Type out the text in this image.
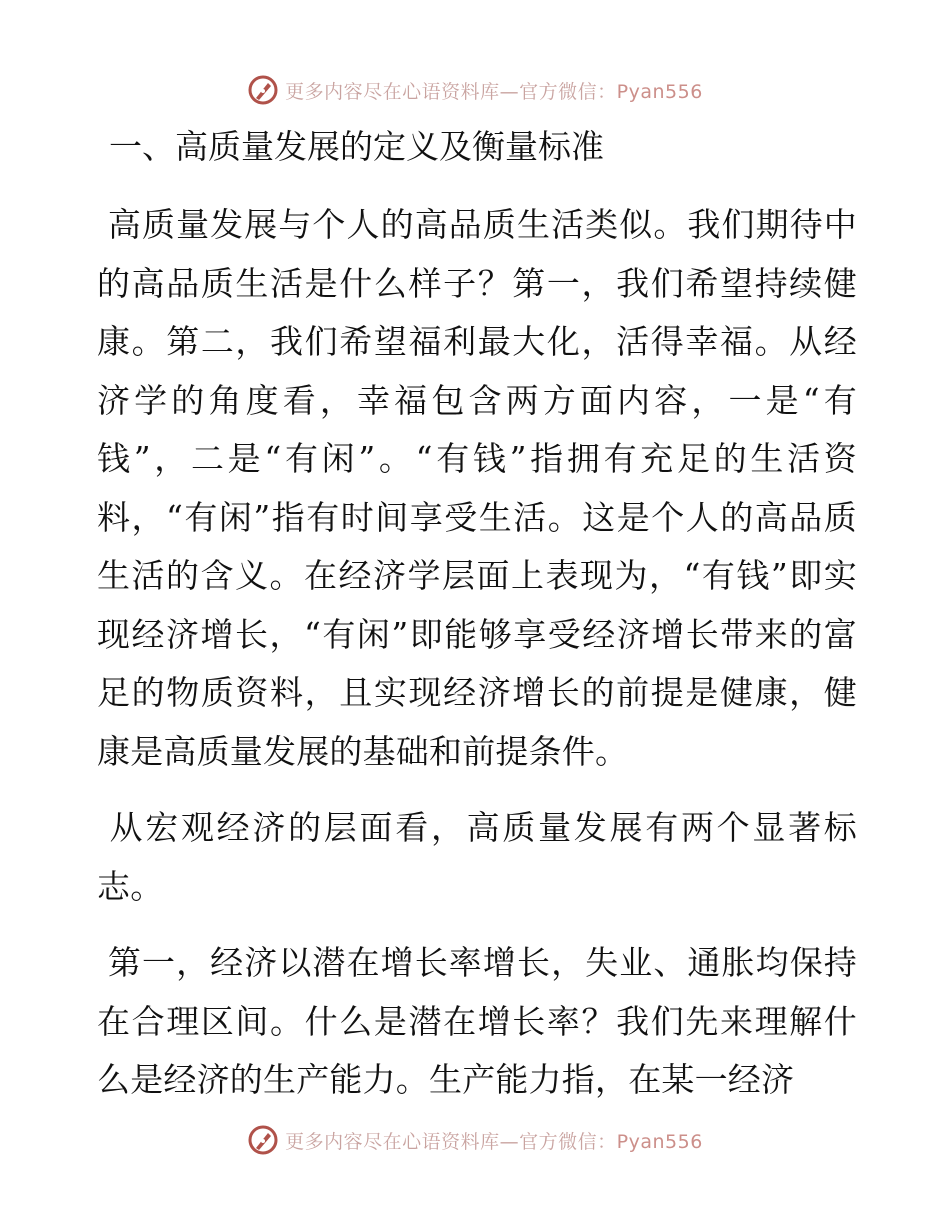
更多内容尽在心语资料库—官方微信：Pyan556
一、高质量发展的定义及衡量标准

高质量发展与个人的高品质生活类似。我们期待中的高品质生活是什么样子？第一，我们希望持续健康。第二，我们希望福利最大化，活得幸福。从经济学的角度看，幸福包含两方面内容，一是“有钱”，二是“有闲”。“有钱”指拥有充足的生活资料，“有闲”指有时间享受生活。这是个人的高品质生活的含义。在经济学层面上表现为，“有钱”即实现经济增长，“有闲”即能够享受经济增长带来的富足的物质资料，且实现经济增长的前提是健康，健康是高质量发展的基础和前提条件。

从宏观经济的层面看，高质量发展有两个显著标志。

第一，经济以潜在增长率增长，失业、通胀均保持在合理区间。什么是潜在增长率？我们先来理解什么是经济的生产能力。生产能力指，在某一经济

更多内容尽在心语资料库—官方微信：Pyan556
